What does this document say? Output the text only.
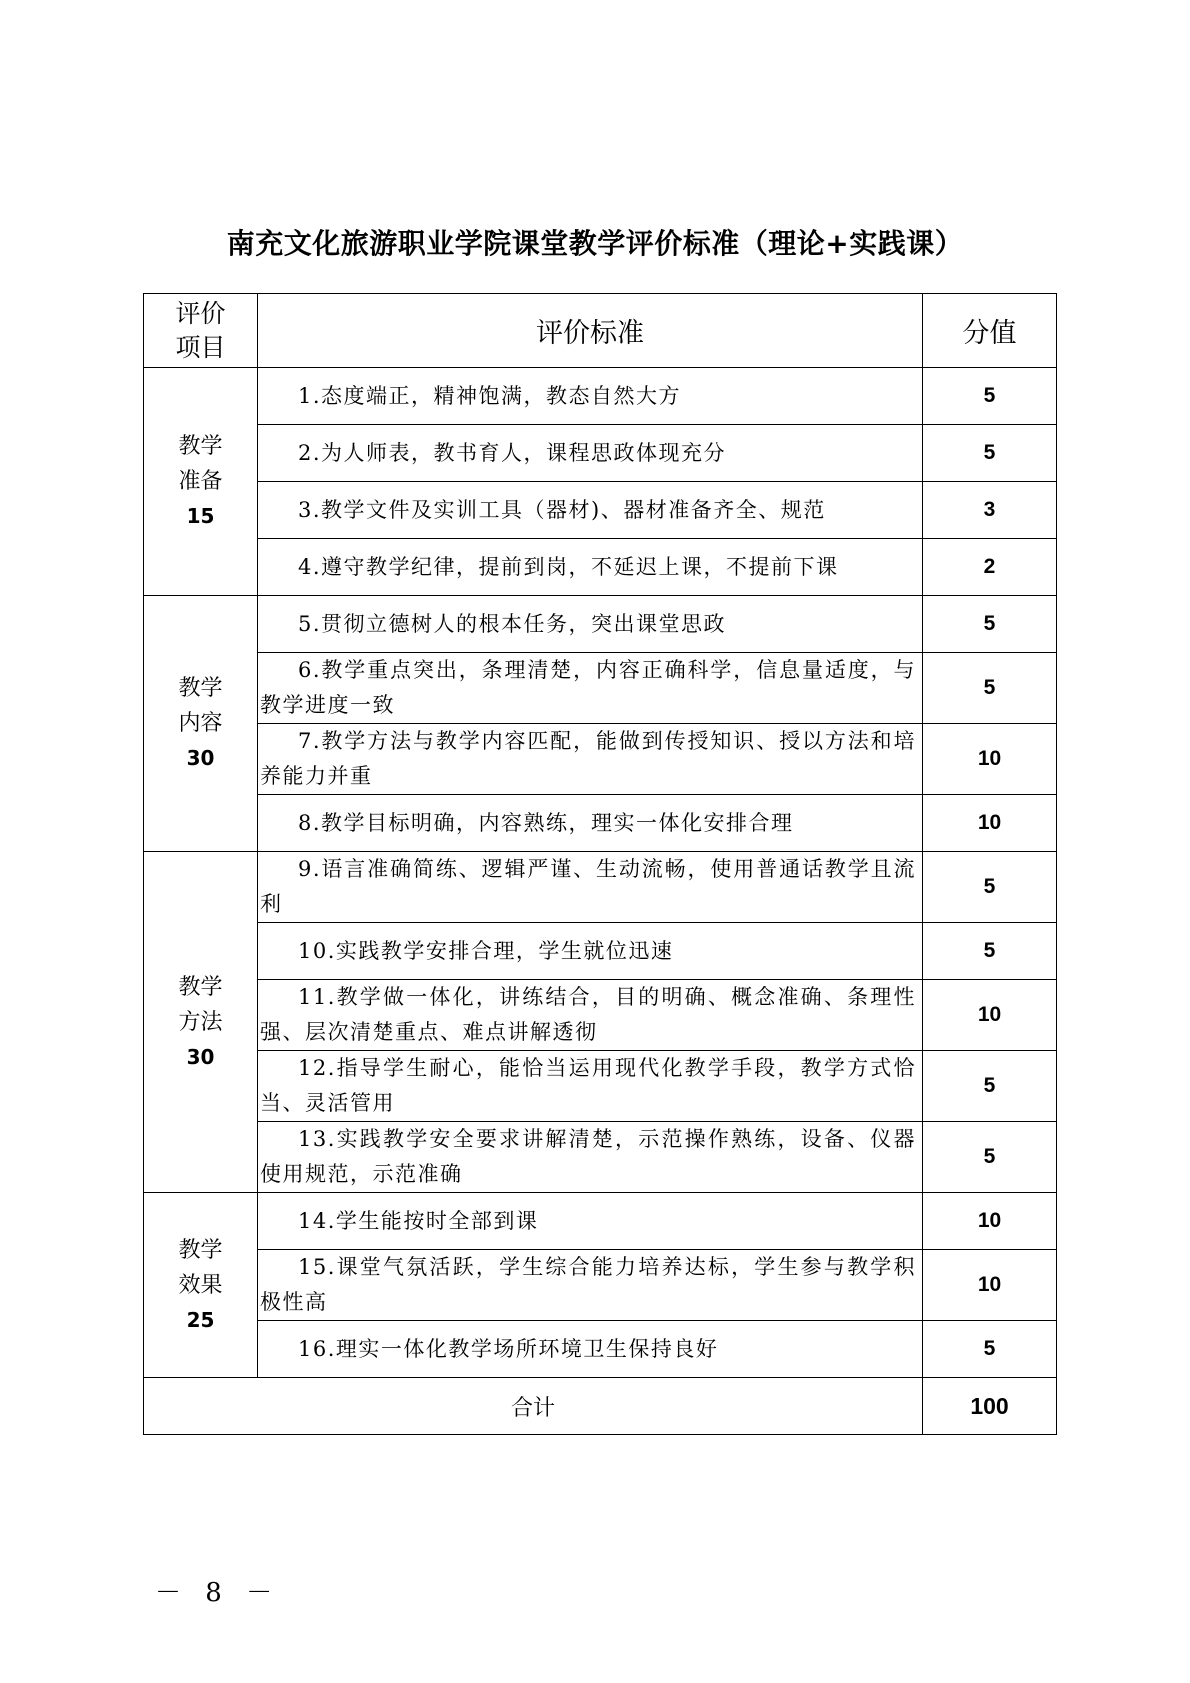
南充文化旅游职业学院课堂教学评价标准（理论+实践课）
评价
项目	评价标准	分值

教学
准备
15	1.态度端正，精神饱满，教态自然大方	5
	2.为人师表，教书育人，课程思政体现充分	5
	3.教学文件及实训工具（器材)、器材准备齐全、规范	3
	4.遵守教学纪律，提前到岗，不延迟上课，不提前下课	2

教学
内容
30	5.贯彻立德树人的根本任务，突出课堂思政	5
	6.教学重点突出，条理清楚，内容正确科学，信息量适度，与教学进度一致	5
	7.教学方法与教学内容匹配，能做到传授知识、授以方法和培养能力并重	10
	8.教学目标明确，内容熟练，理实一体化安排合理	10

教学
方法
30	9.语言准确简练、逻辑严谨、生动流畅，使用普通话教学且流利	5
	10.实践教学安排合理，学生就位迅速	5
	11.教学做一体化，讲练结合，目的明确、概念准确、条理性强、层次清楚重点、难点讲解透彻	10
	12.指导学生耐心，能恰当运用现代化教学手段，教学方式恰当、灵活管用	5
	13.实践教学安全要求讲解清楚，示范操作熟练，设备、仪器使用规范，示范准确	5

教学
效果
25	14.学生能按时全部到课	10
	15.课堂气氛活跃，学生综合能力培养达标，学生参与教学积极性高	10
	16.理实一体化教学场所环境卫生保持良好	5
合计		100
－ 8 －
